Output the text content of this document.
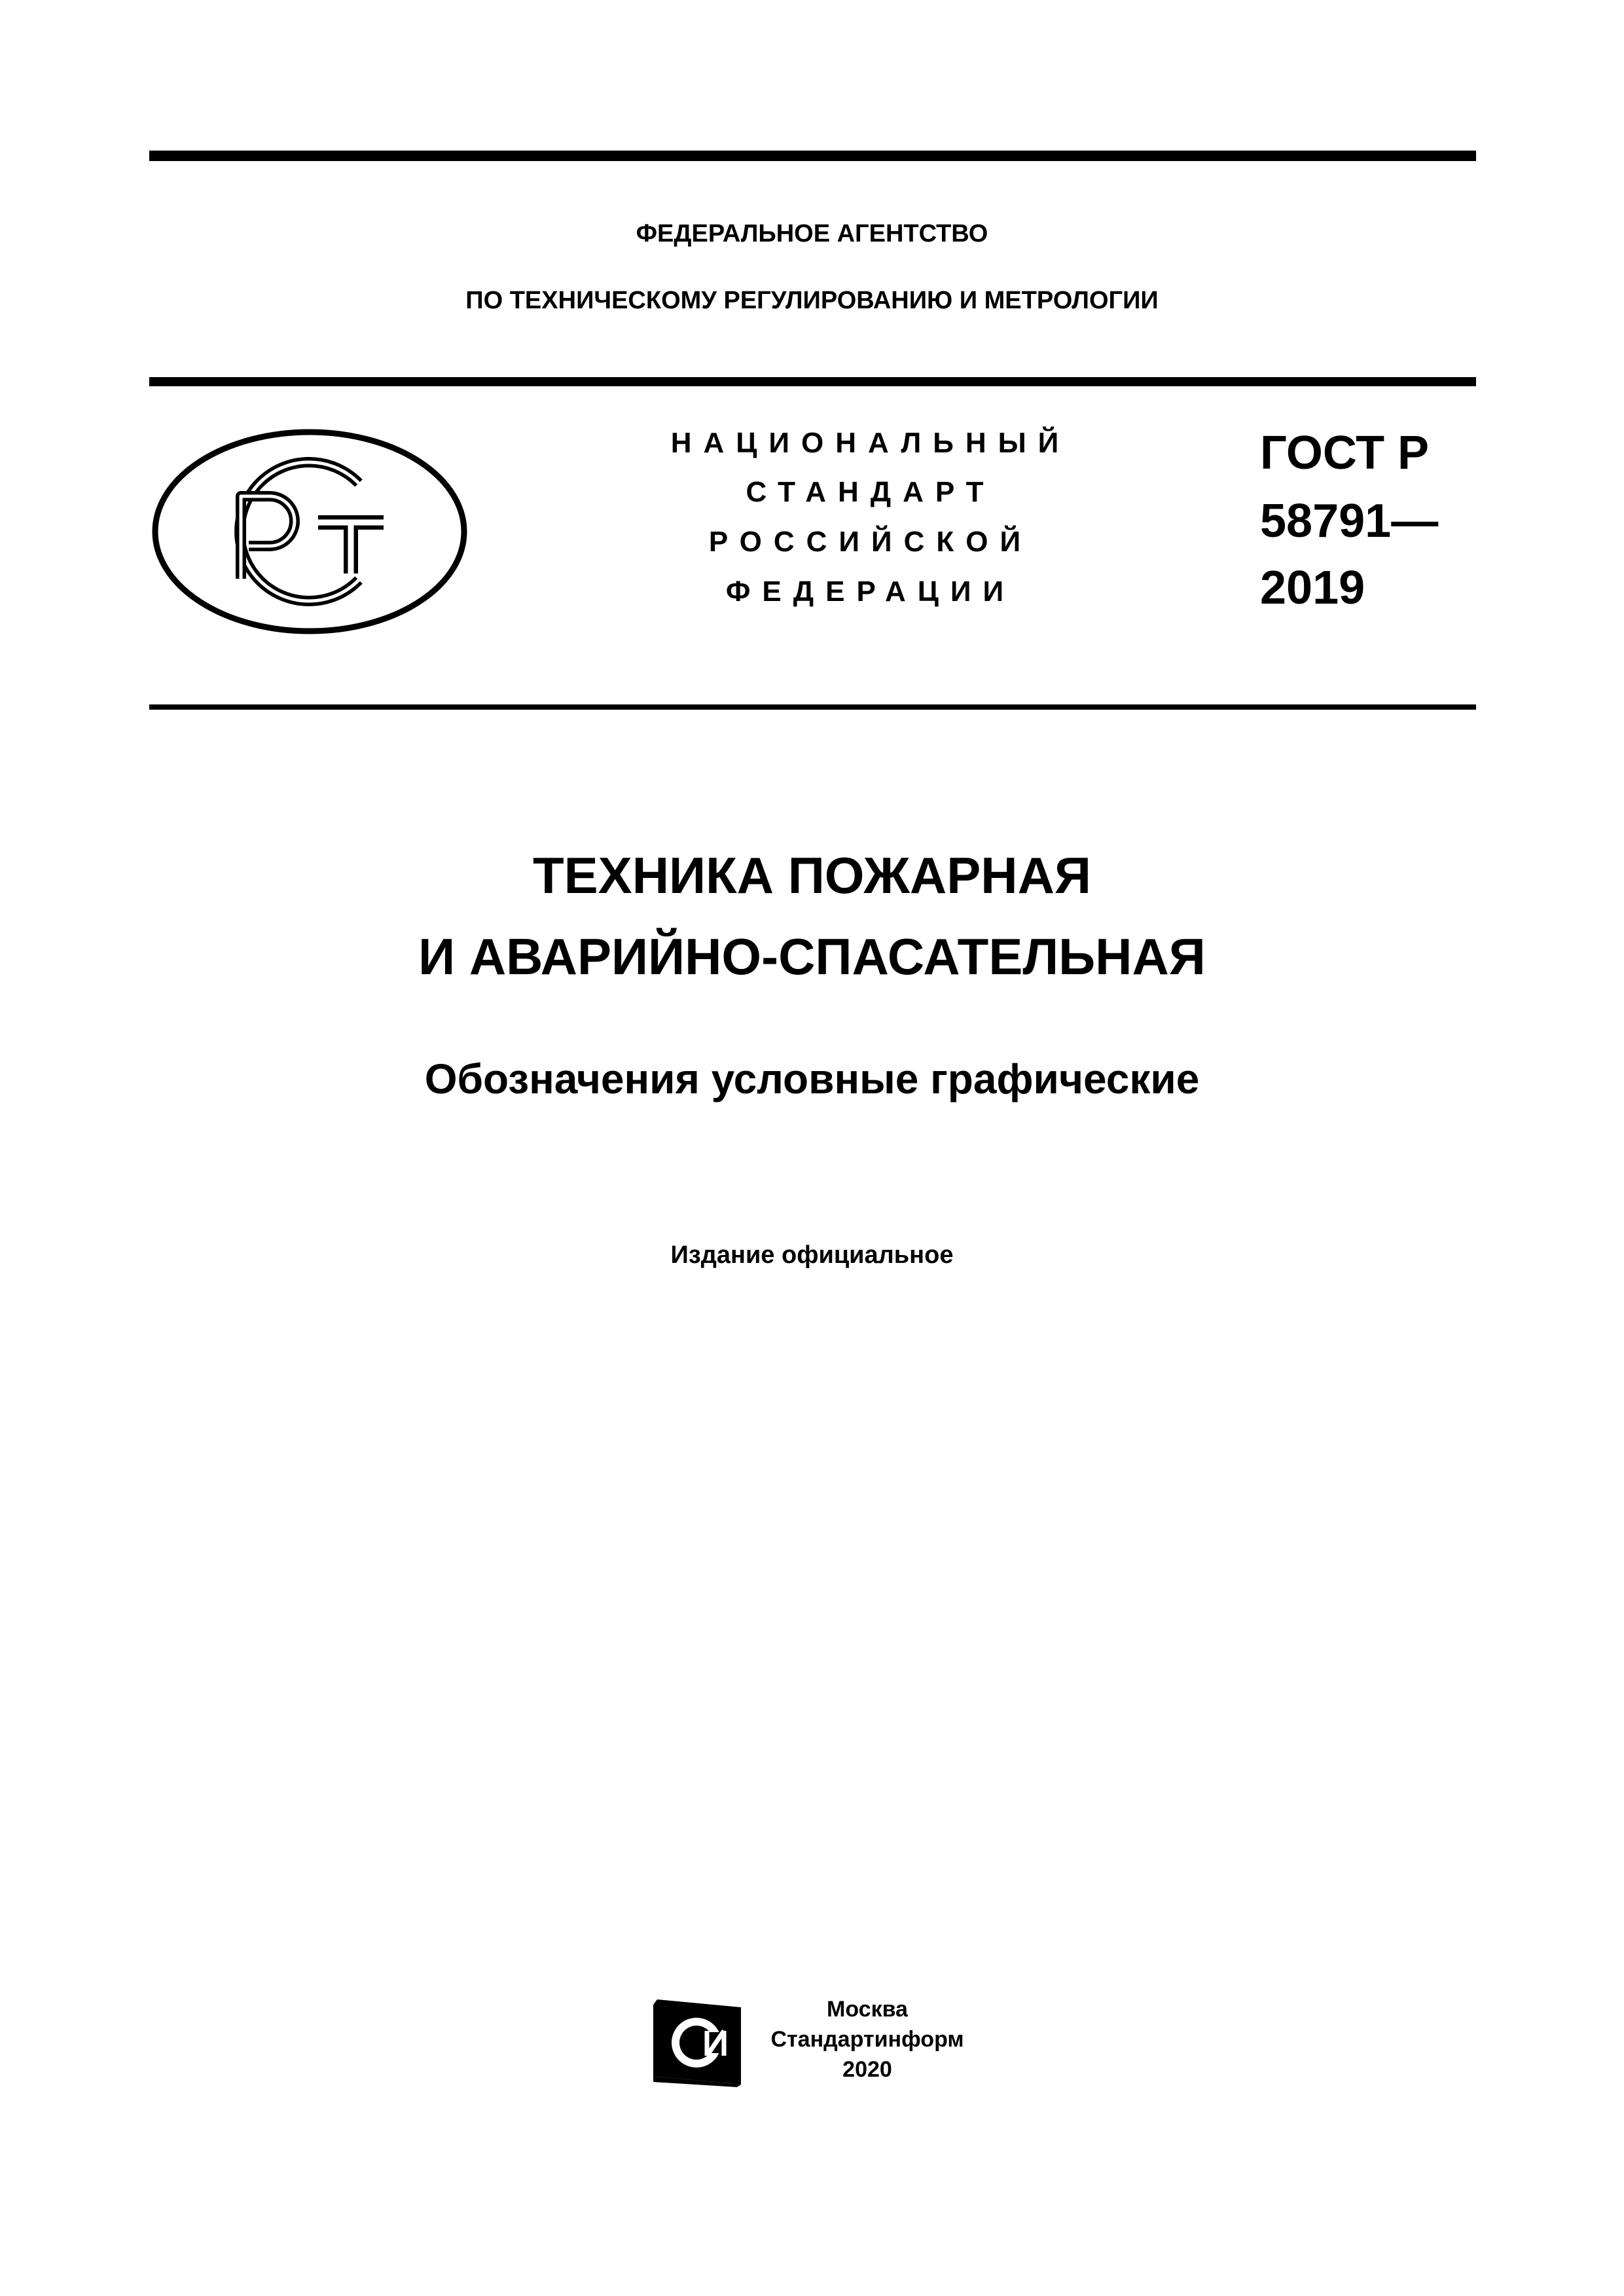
ФЕДЕРАЛЬНОЕ АГЕНТСТВО
ПО ТЕХНИЧЕСКОМУ РЕГУЛИРОВАНИЮ И МЕТРОЛОГИИ
НАЦИОНАЛЬНЫЙ
СТАНДАРТ
РОССИЙСКОЙ
ФЕДЕРАЦИИ
ГОСТ Р
58791—
2019
ТЕХНИКА ПОЖАРНАЯ
И АВАРИЙНО-СПАСАТЕЛЬНАЯ
Обозначения условные графические
Издание официальное
Москва
Стандартинформ
2020
